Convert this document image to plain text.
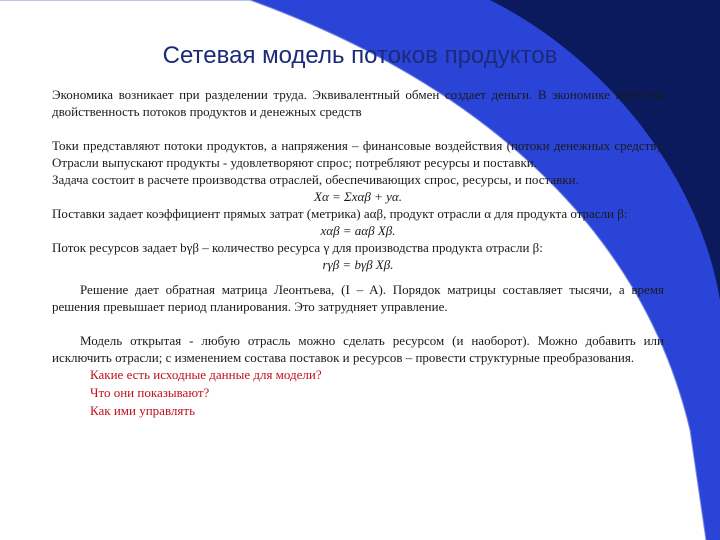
Сетевая модель потоков продуктов

Экономика возникает при разделении труда. Эквивалентный обмен создает деньги. В экономике известна двойственность потоков продуктов и денежных средств

Токи представляют потоки продуктов, а напряжения – финансовые воздействия (потоки денежных средств). Отрасли выпускают продукты - удовлетворяют спрос; потребляют ресурсы и поставки.

Задача состоит в расчете производства отраслей, обеспечивающих спрос, ресурсы, и поставки.

Xα = Σxαβ + yα.

Поставки задает коэффициент прямых затрат (метрика) aαβ, продукт отрасли α для продукта отрасли β:

xαβ = aαβ Xβ.

Поток ресурсов задает bγβ – количество ресурса γ для производства продукта отрасли β:

rγβ = bγβ Xβ.

Решение дает обратная матрица Леонтьева, (I – A). Порядок матрицы составляет тысячи, а время решения превышает период планирования. Это затрудняет управление.

Модель открытая - любую отрасль можно сделать ресурсом (и наоборот). Можно добавить или исключить отрасли; с изменением состава поставок и ресурсов – провести структурные преобразования.

Какие есть исходные данные для модели?

Что они показывают?

Как ими управлять
